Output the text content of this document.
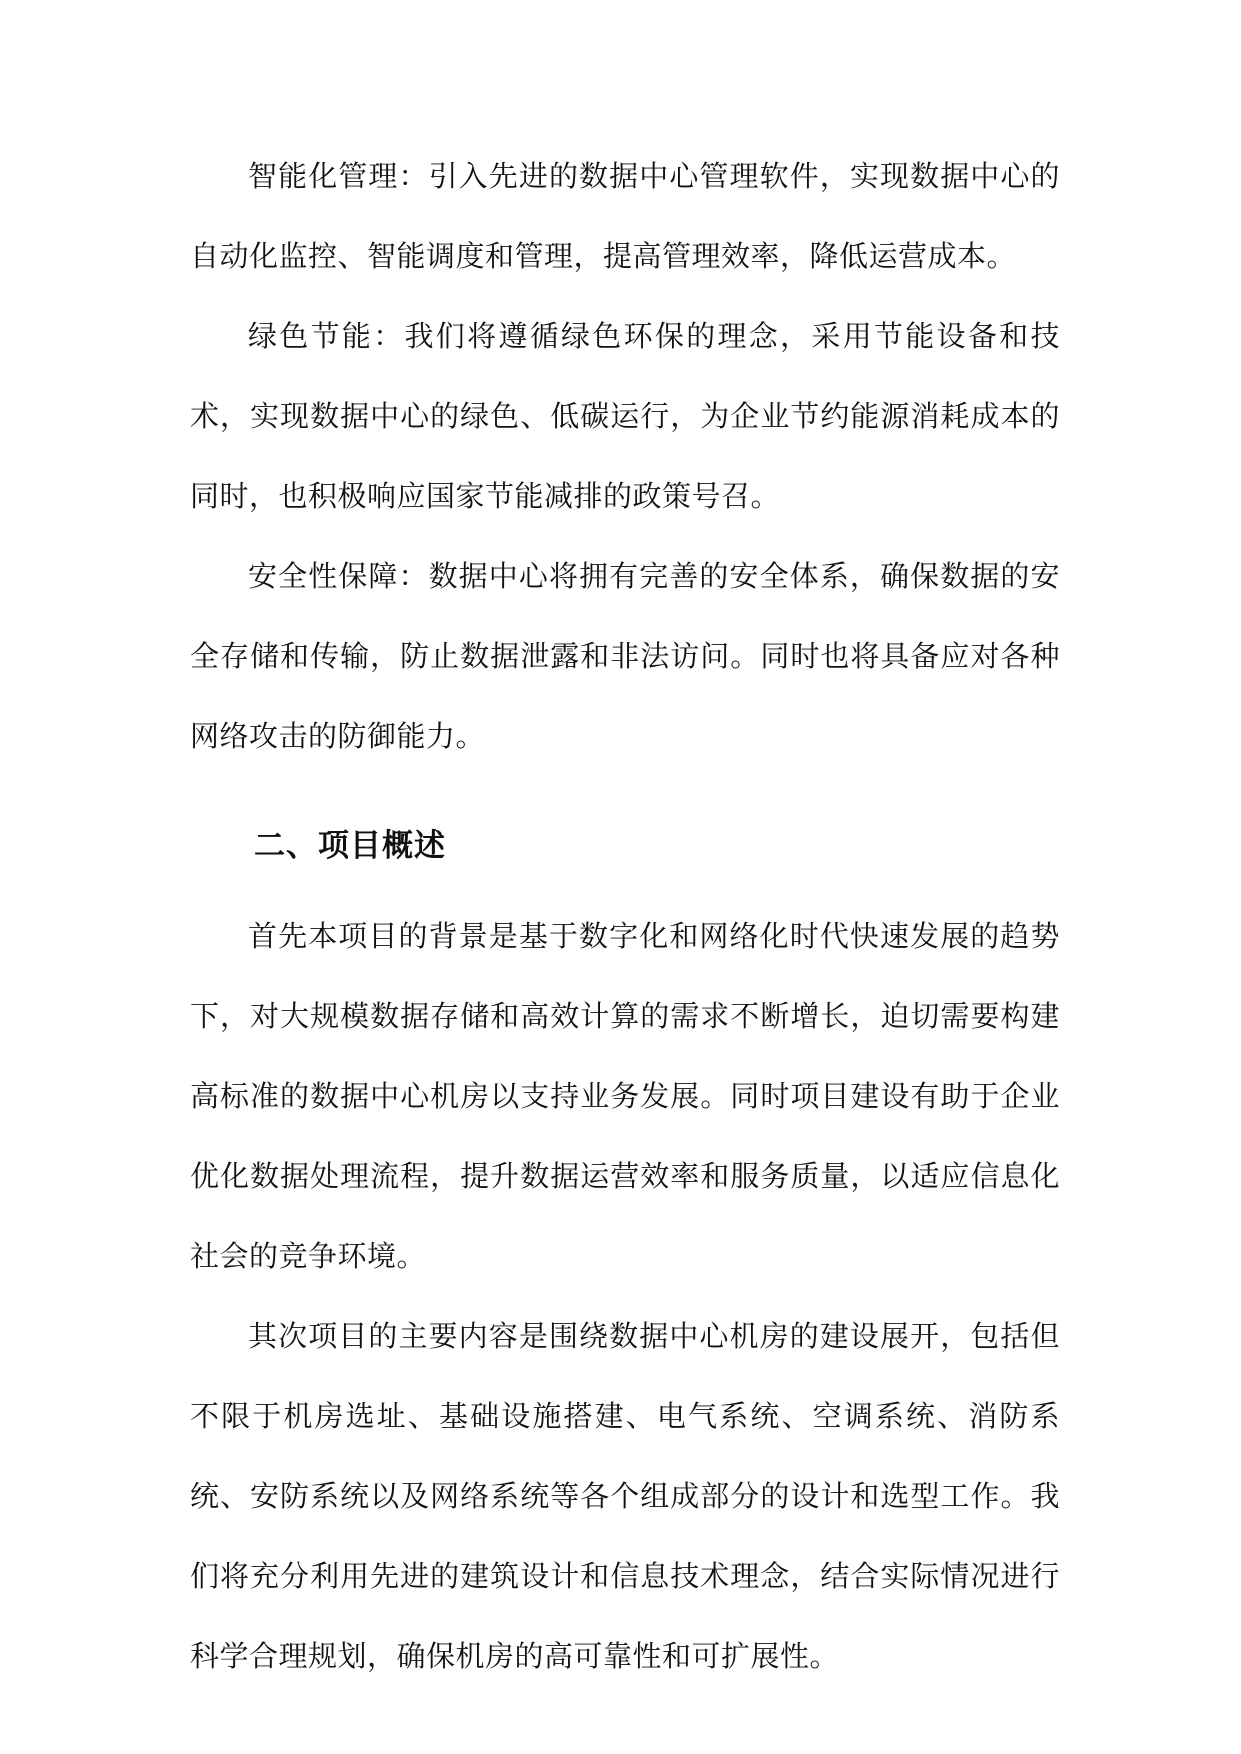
智能化管理：引入先进的数据中心管理软件，实现数据中心的自动化监控、智能调度和管理，提高管理效率，降低运营成本。

绿色节能：我们将遵循绿色环保的理念，采用节能设备和技术，实现数据中心的绿色、低碳运行，为企业节约能源消耗成本的同时，也积极响应国家节能减排的政策号召。

安全性保障：数据中心将拥有完善的安全体系，确保数据的安全存储和传输，防止数据泄露和非法访问。同时也将具备应对各种网络攻击的防御能力。

二、项目概述

首先本项目的背景是基于数字化和网络化时代快速发展的趋势下，对大规模数据存储和高效计算的需求不断增长，迫切需要构建高标准的数据中心机房以支持业务发展。同时项目建设有助于企业优化数据处理流程，提升数据运营效率和服务质量，以适应信息化社会的竞争环境。

其次项目的主要内容是围绕数据中心机房的建设展开，包括但不限于机房选址、基础设施搭建、电气系统、空调系统、消防系统、安防系统以及网络系统等各个组成部分的设计和选型工作。我们将充分利用先进的建筑设计和信息技术理念，结合实际情况进行科学合理规划，确保机房的高可靠性和可扩展性。
